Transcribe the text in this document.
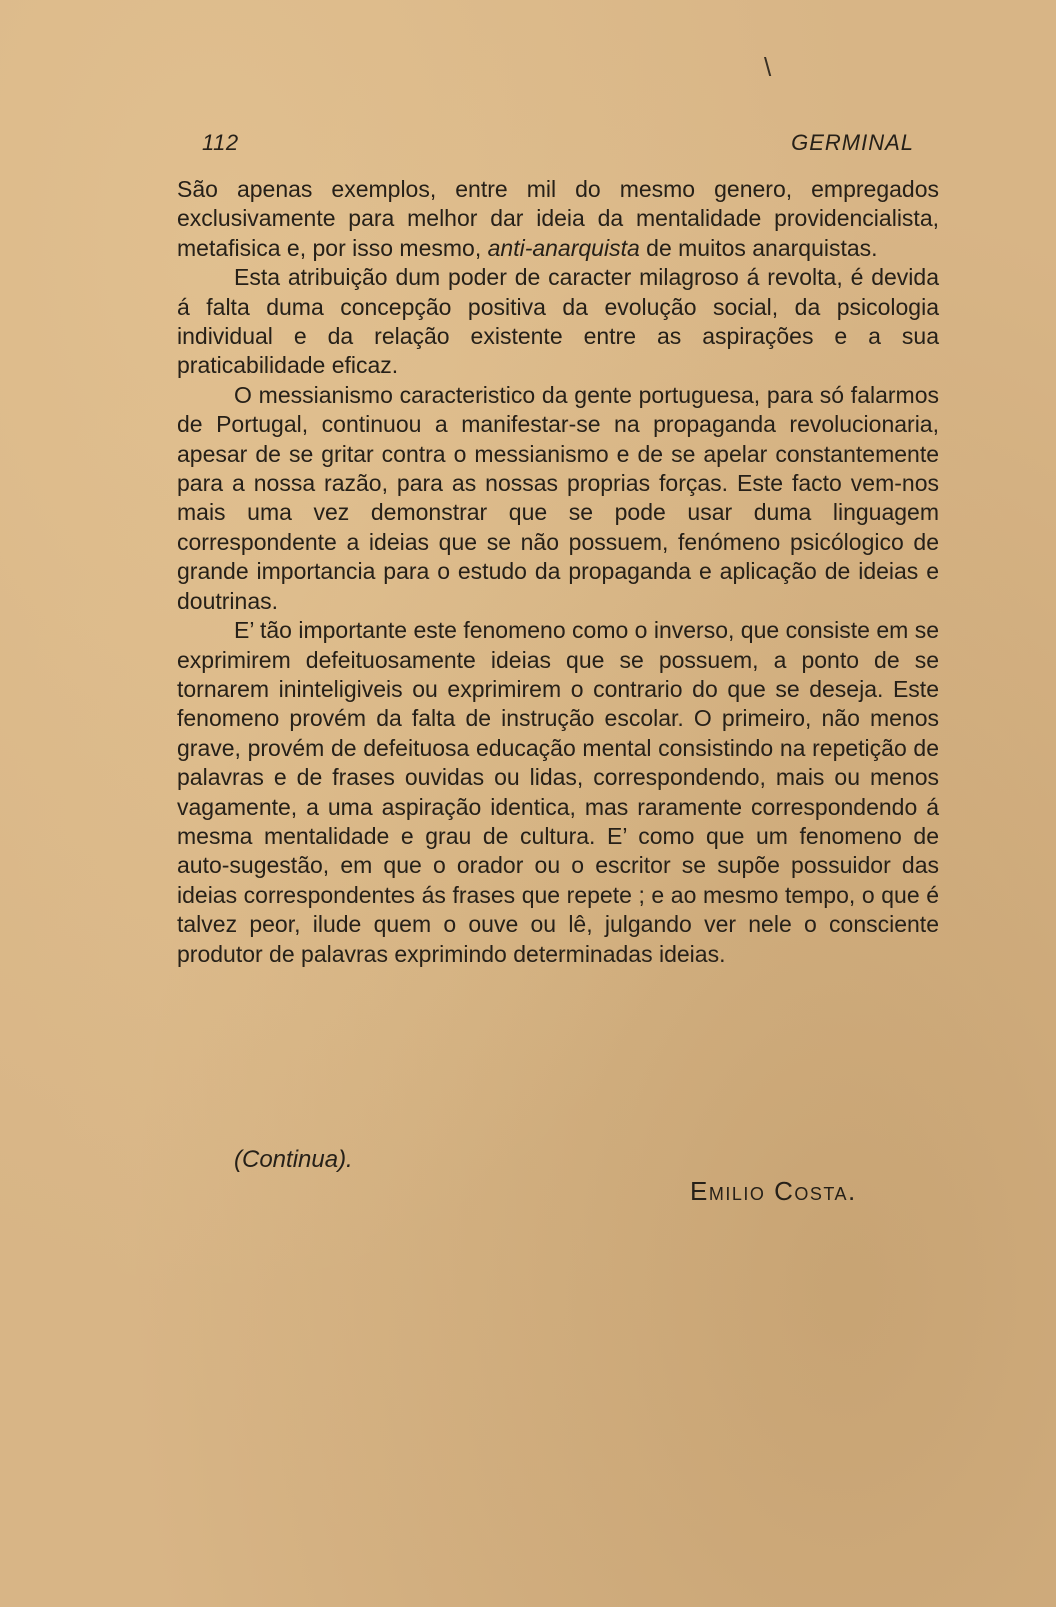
\
112	GERMINAL

São apenas exemplos, entre mil do mesmo genero, empregados exclusivamente para melhor dar ideia da mentalidade providencialista, metafisica e, por isso mesmo, anti-anarquista de muitos anarquistas.

Esta atribuição dum poder de caracter milagroso á revolta, é devida á falta duma concepção positiva da evolução social, da psicologia individual e da relação existente entre as aspirações e a sua praticabilidade eficaz.

O messianismo caracteristico da gente portuguesa, para só falarmos de Portugal, continuou a manifestar-se na propaganda revolucionaria, apesar de se gritar contra o messianismo e de se apelar constantemente para a nossa razão, para as nossas proprias forças. Este facto vem-nos mais uma vez demonstrar que se pode usar duma linguagem correspondente a ideias que se não possuem, fenómeno psicólogico de grande importancia para o estudo da propaganda e aplicação de ideias e doutrinas.

E’ tão importante este fenomeno como o inverso, que consiste em se exprimirem defeituosamente ideias que se possuem, a ponto de se tornarem ininteligiveis ou exprimirem o contrario do que se deseja. Este fenomeno provém da falta de instrução escolar. O primeiro, não menos grave, provém de defeituosa educação mental consistindo na repetição de palavras e de frases ouvidas ou lidas, correspondendo, mais ou menos vagamente, a uma aspiração identica, mas raramente correspondendo á mesma mentalidade e grau de cultura. E’ como que um fenomeno de auto-sugestão, em que o orador ou o escritor se supõe possuidor das ideias correspondentes ás frases que repete ; e ao mesmo tempo, o que é talvez peor, ilude quem o ouve ou lê, julgando ver nele o consciente produtor de palavras exprimindo determinadas ideias.

(Continua).
Emilio Costa.
